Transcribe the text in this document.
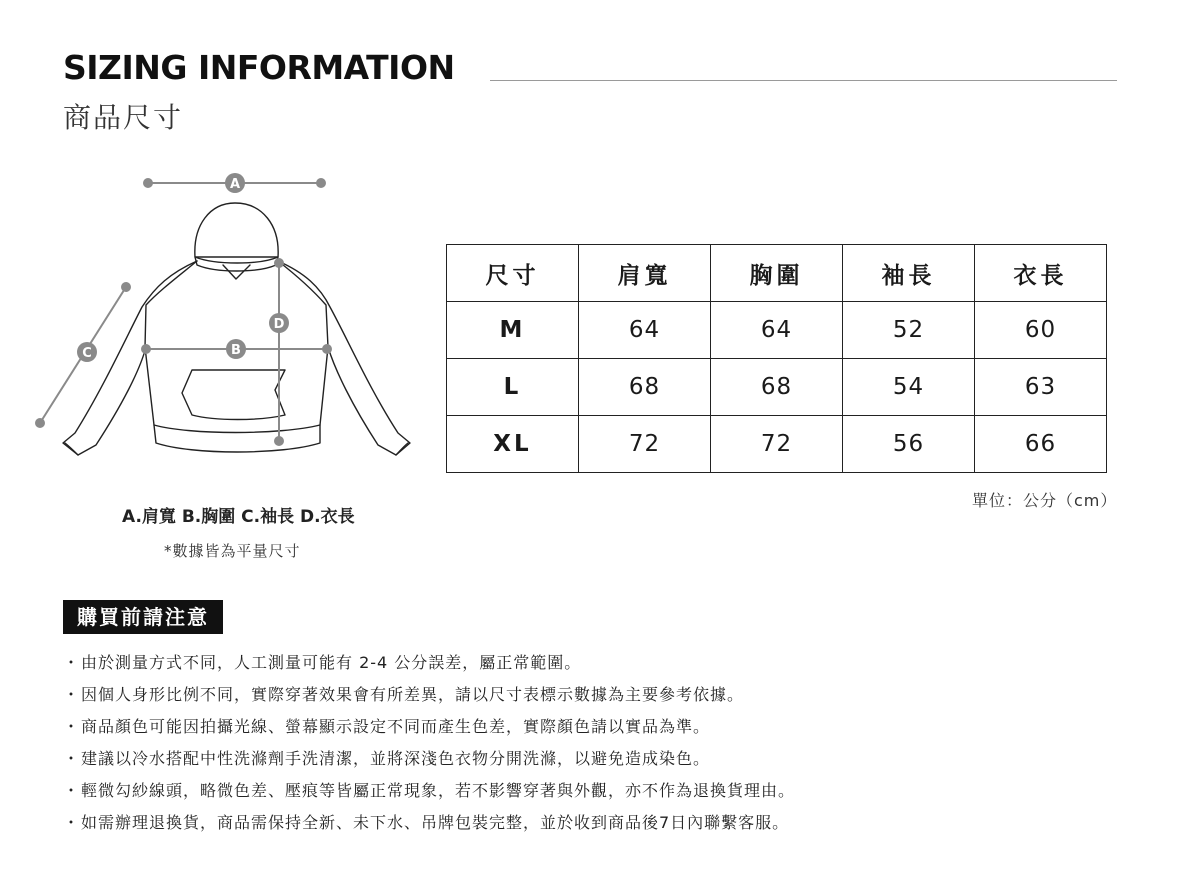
SIZING INFORMATION
商品尺寸
A
B
C
D
A.肩寬 B.胸圍 C.袖長 D.衣長
*數據皆為平量尺寸
尺寸	肩寬	胸圍	袖長	衣長
M	64	64	52	60
L	68	68	54	63
XL	72	72	56	66
單位：公分（cm）
購買前請注意
・由於測量方式不同，人工測量可能有 2-4 公分誤差，屬正常範圍。
・因個人身形比例不同，實際穿著效果會有所差異，請以尺寸表標示數據為主要參考依據。
・商品顏色可能因拍攝光線、螢幕顯示設定不同而產生色差，實際顏色請以實品為準。
・建議以冷水搭配中性洗滌劑手洗清潔，並將深淺色衣物分開洗滌，以避免造成染色。
・輕微勾紗線頭，略微色差、壓痕等皆屬正常現象，若不影響穿著與外觀，亦不作為退換貨理由。
・如需辦理退換貨，商品需保持全新、未下水、吊牌包裝完整，並於收到商品後7日內聯繫客服。
